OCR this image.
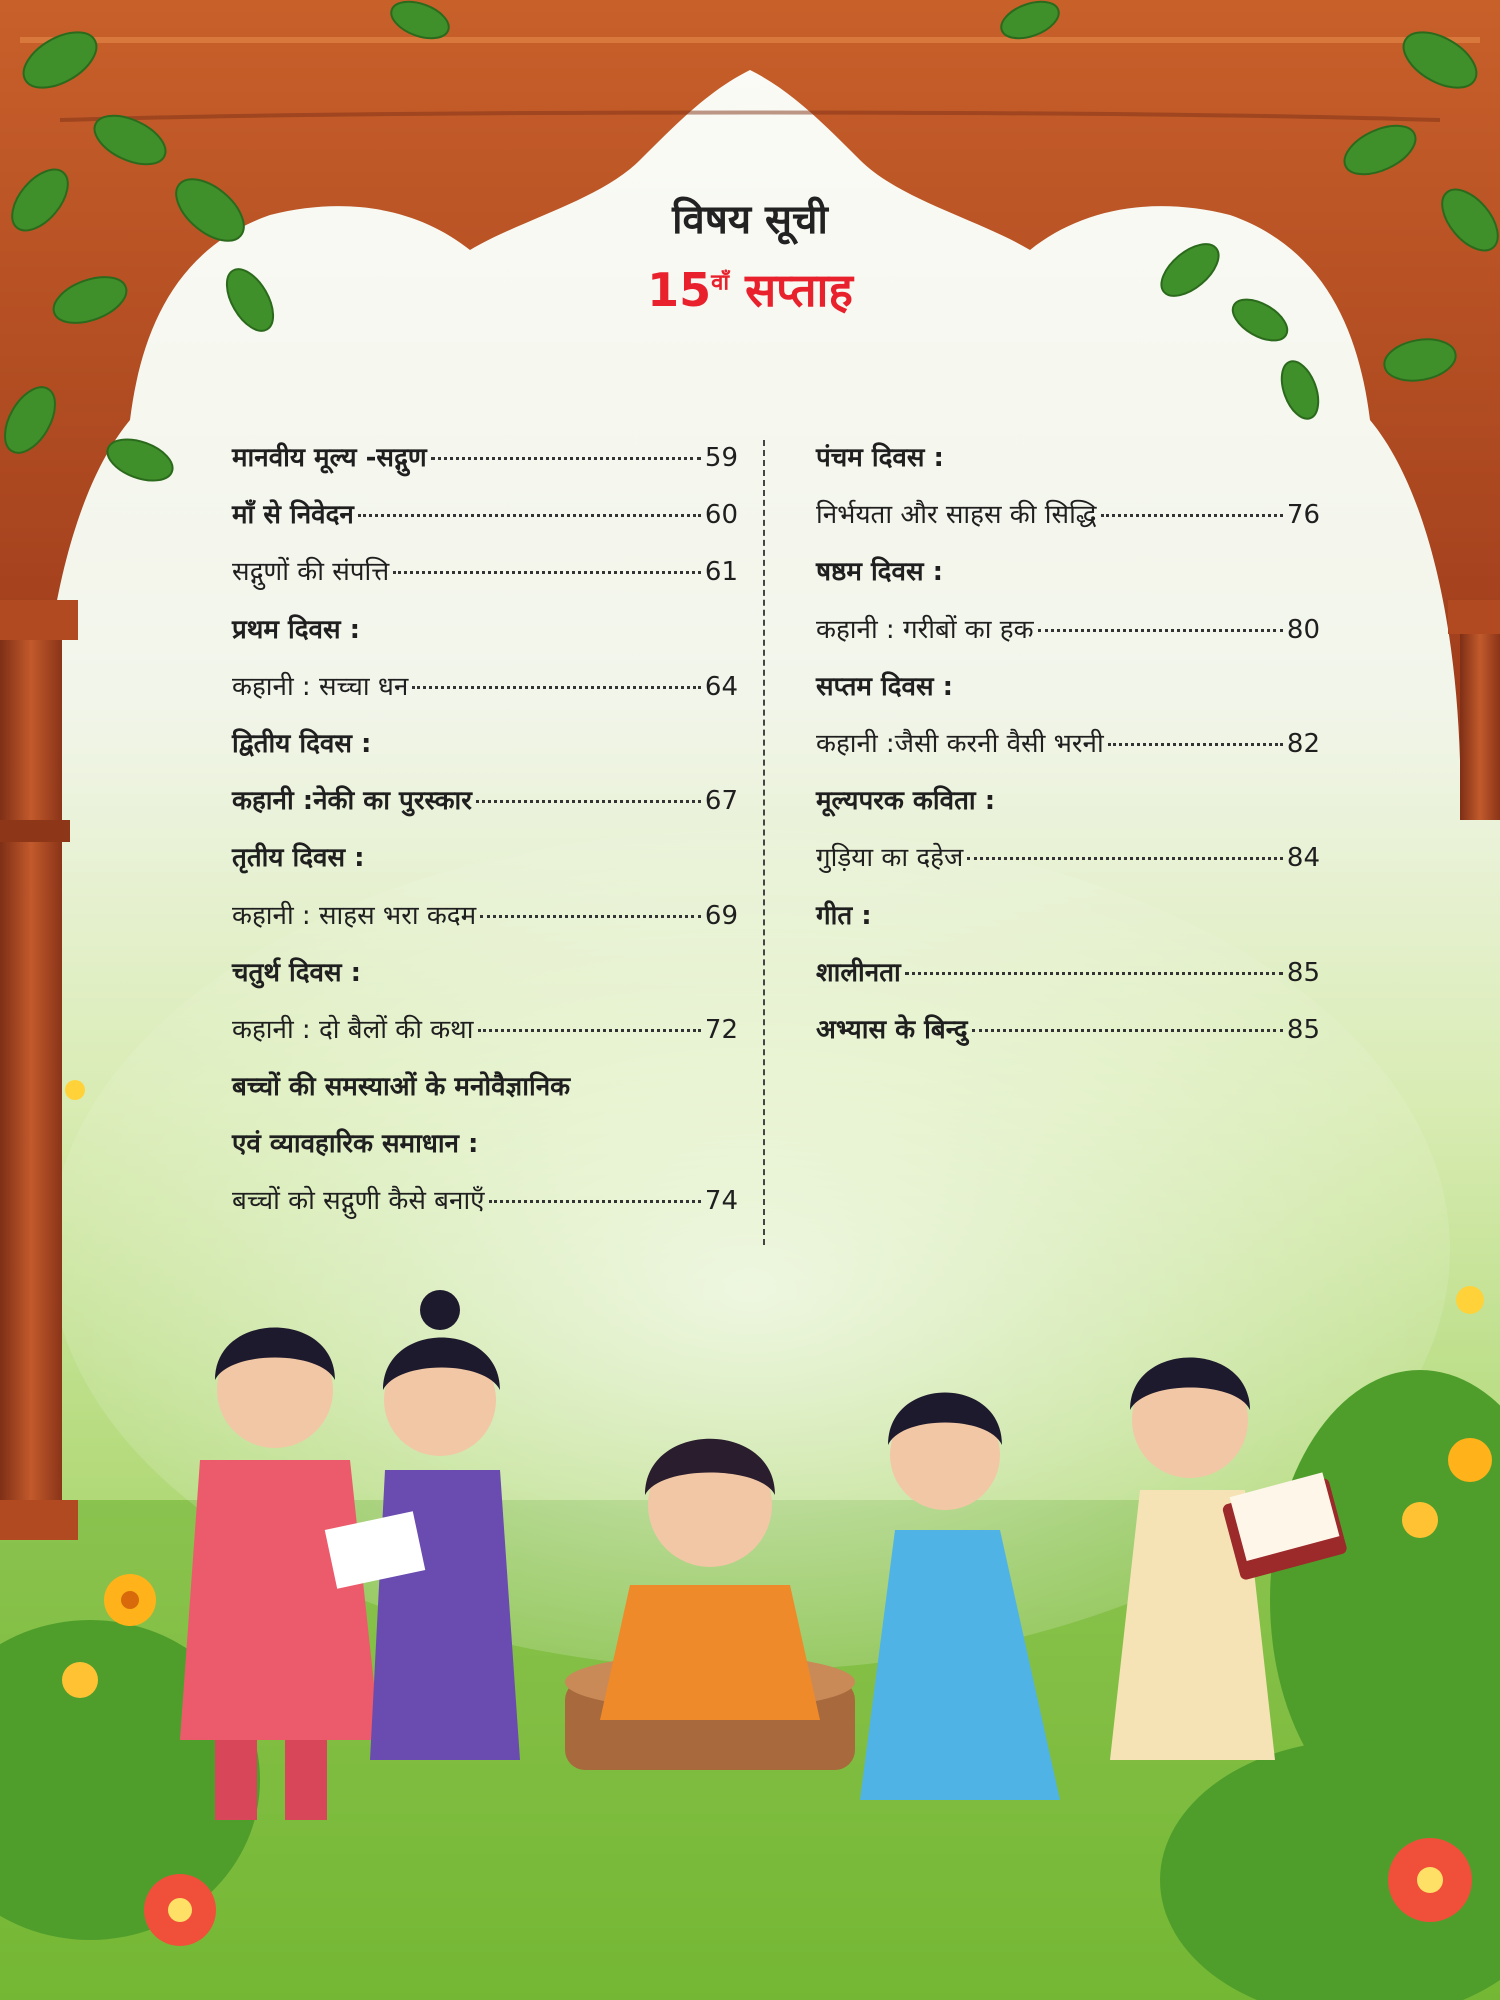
विषय सूची
$15^{वाँ}$ सप्ताह
मानवीय मूल्य -सद्गुण	59
माँ से निवेदन	60
सद्गुणों की संपत्ति	61
प्रथम दिवस :
कहानी : सच्चा धन	64
द्वितीय दिवस :
कहानी :नेकी का पुरस्कार	67
तृतीय दिवस :
कहानी : साहस भरा कदम	69
चतुर्थ दिवस :
कहानी : दो बैलों की कथा	72
बच्चों की समस्याओं के मनोवैज्ञानिक
एवं व्यावहारिक समाधान :
बच्चों को सद्गुणी कैसे बनाएँ	74
पंचम दिवस :
निर्भयता और साहस की सिद्धि	76
षष्ठम दिवस :
कहानी : गरीबों का हक	80
सप्तम दिवस :
कहानी :जैसी करनी वैसी भरनी	82
मूल्यपरक कविता :
गुड़िया का दहेज	84
गीत :
शालीनता	85
अभ्यास के बिन्दु	85
